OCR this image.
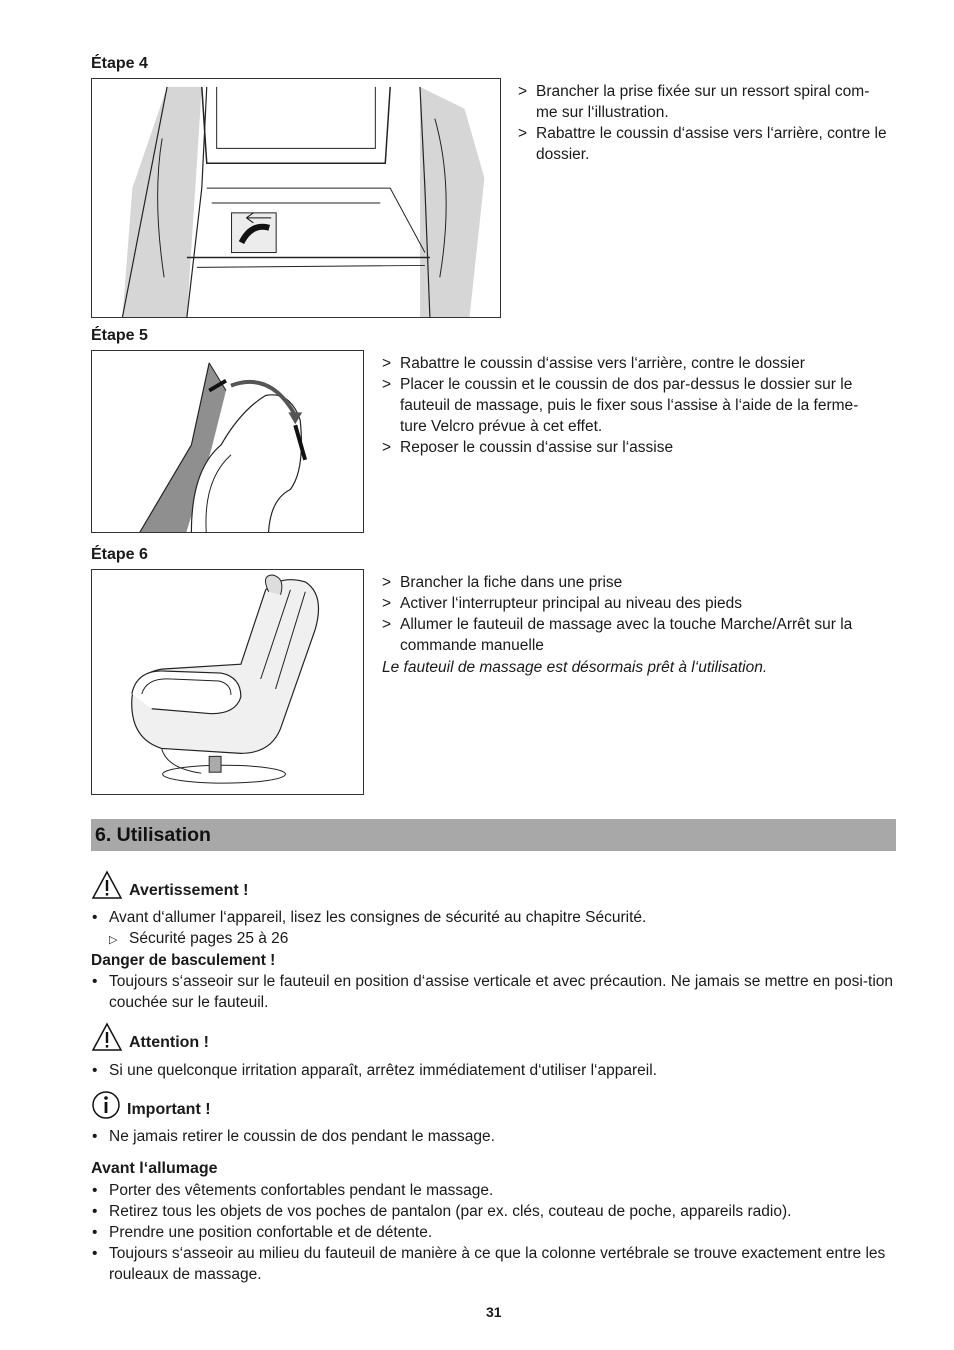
Étape 4
> Brancher la prise fixée sur un ressort spiral com-me sur l‘illustration.
> Rabattre le coussin d‘assise vers l‘arrière, contre le dossier.
Étape 5
> Rabattre le coussin d‘assise vers l‘arrière, contre le dossier
> Placer le coussin et le coussin de dos par-dessus le dossier sur le fauteuil de massage, puis le fixer sous l‘assise à l‘aide de la ferme-ture Velcro prévue à cet effet.
> Reposer le coussin d‘assise sur l‘assise
Étape 6
> Brancher la fiche dans une prise
> Activer l‘interrupteur principal au niveau des pieds
> Allumer le fauteuil de massage avec la touche Marche/Arrêt sur la commande manuelle
Le fauteuil de massage est désormais prêt à l‘utilisation.
6. Utilisation
Avertissement !
• Avant d‘allumer l‘appareil, lisez les consignes de sécurité au chapitre Sécurité.
▷ Sécurité pages 25 à 26
Danger de basculement !
• Toujours s‘asseoir sur le fauteuil en position d‘assise verticale et avec précaution. Ne jamais se mettre en posi-tion couchée sur le fauteuil.
Attention !
• Si une quelconque irritation apparaît, arrêtez immédiatement d‘utiliser l‘appareil.
Important !
• Ne jamais retirer le coussin de dos pendant le massage.
Avant l‘allumage
• Porter des vêtements confortables pendant le massage.
• Retirez tous les objets de vos poches de pantalon (par ex. clés, couteau de poche, appareils radio).
• Prendre une position confortable et de détente.
• Toujours s‘asseoir au milieu du fauteuil de manière à ce que la colonne vertébrale se trouve exactement entre les rouleaux de massage.
31
